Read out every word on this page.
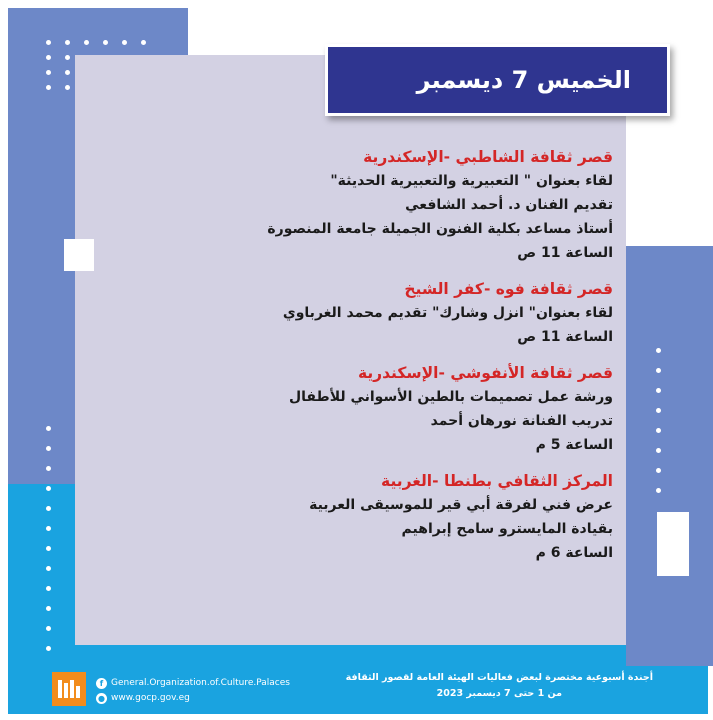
الخميس 7 ديسمبر
قصر ثقافة الشاطبي -الإسكندرية
لقاء بعنوان " التعبيرية والتعبيرية الحديثة"
تقديم الفنان د. أحمد الشافعي
أستاذ مساعد بكلية الفنون الجميلة جامعة المنصورة
الساعة 11 ص
قصر ثقافة فوه -كفر الشيخ
لقاء بعنوان" انزل وشارك" تقديم محمد الغرباوي
الساعة 11 ص
قصر ثقافة الأنفوشي -الإسكندرية
ورشة عمل تصميمات بالطين الأسواني للأطفال
تدريب الفنانة نورهان أحمد
الساعة 5 م
المركز الثقافي بطنطا -الغربية
عرض فني لفرقة أبي قير للموسيقى العربية
بقيادة المايسترو سامح إبراهيم
الساعة 6 م
f General.Organization.of.Culture.Palaces
● www.gocp.gov.eg
أجندة أسبوعية مختصرة لبعض فعاليات الهيئة العامة لقصور الثقافة
من 1 حتى 7 ديسمبر 2023
